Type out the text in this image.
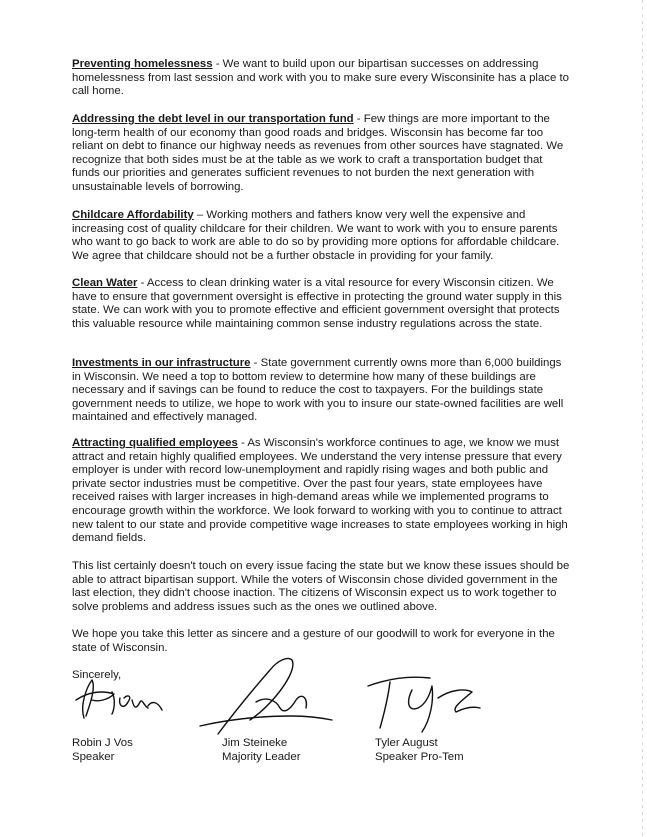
Preventing homelessness - We want to build upon our bipartisan successes on addressing homelessness from last session and work with you to make sure every Wisconsinite has a place to call home.

Addressing the debt level in our transportation fund - Few things are more important to the long-term health of our economy than good roads and bridges. Wisconsin has become far too reliant on debt to finance our highway needs as revenues from other sources have stagnated. We recognize that both sides must be at the table as we work to craft a transportation budget that funds our priorities and generates sufficient revenues to not burden the next generation with unsustainable levels of borrowing.

Childcare Affordability – Working mothers and fathers know very well the expensive and increasing cost of quality childcare for their children. We want to work with you to ensure parents who want to go back to work are able to do so by providing more options for affordable childcare. We agree that childcare should not be a further obstacle in providing for your family.

Clean Water - Access to clean drinking water is a vital resource for every Wisconsin citizen. We have to ensure that government oversight is effective in protecting the ground water supply in this state. We can work with you to promote effective and efficient government oversight that protects this valuable resource while maintaining common sense industry regulations across the state.

Investments in our infrastructure - State government currently owns more than 6,000 buildings in Wisconsin. We need a top to bottom review to determine how many of these buildings are necessary and if savings can be found to reduce the cost to taxpayers. For the buildings state government needs to utilize, we hope to work with you to insure our state-owned facilities are well maintained and effectively managed.

Attracting qualified employees - As Wisconsin's workforce continues to age, we know we must attract and retain highly qualified employees. We understand the very intense pressure that every employer is under with record low-unemployment and rapidly rising wages and both public and private sector industries must be competitive. Over the past four years, state employees have received raises with larger increases in high-demand areas while we implemented programs to encourage growth within the workforce. We look forward to working with you to continue to attract new talent to our state and provide competitive wage increases to state employees working in high demand fields.

This list certainly doesn't touch on every issue facing the state but we know these issues should be able to attract bipartisan support. While the voters of Wisconsin chose divided government in the last election, they didn't choose inaction. The citizens of Wisconsin expect us to work together to solve problems and address issues such as the ones we outlined above.

We hope you take this letter as sincere and a gesture of our goodwill to work for everyone in the state of Wisconsin.

Sincerely,
Robin J Vos
Speaker
Jim Steineke
Majority Leader
Tyler August
Speaker Pro-Tem
